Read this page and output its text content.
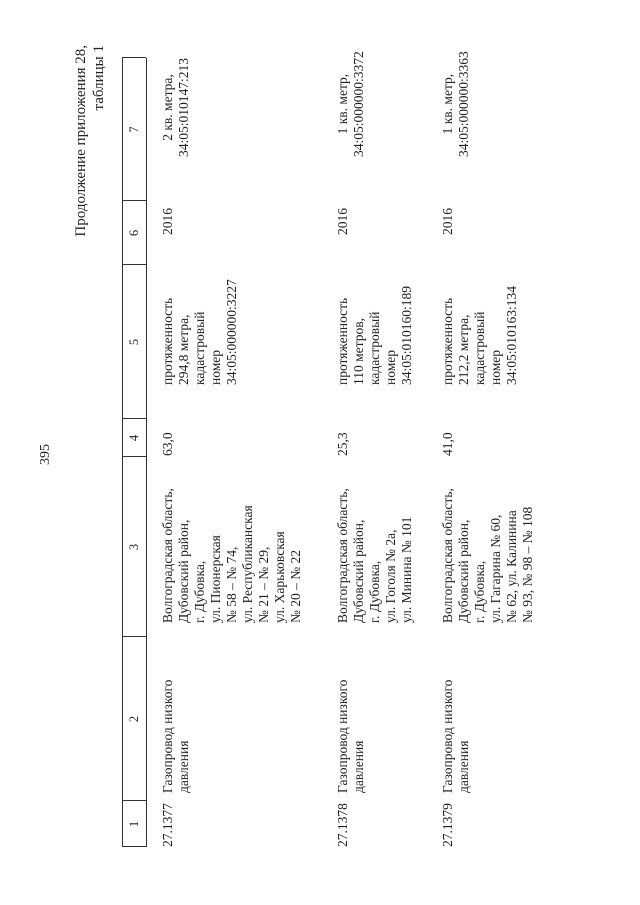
395
Продолжение приложения 28, таблицы 1
1
2
3
4
5
6
7
27.1377
Газопровод низкого давления
Волгоградская область, Дубовский район, г. Дубовка, ул. Пионерская № 58 – № 74, ул. Республиканская № 21 – № 29, ул. Харьковская № 20 – № 22
63,0
протяженность 294,8 метра, кадастровый номер 34:05:000000:3227
2016
2 кв. метра, 34:05:010147:213
27.1378
Газопровод низкого давления
Волгоградская область, Дубовский район, г. Дубовка, ул. Гоголя № 2а, ул. Минина № 101
25,3
протяженность 110 метров, кадастровый номер 34:05:010160:189
2016
1 кв. метр, 34:05:000000:3372
27.1379
Газопровод низкого давления
Волгоградская область, Дубовский район, г. Дубовка, ул. Гагарина № 60, № 62, ул. Калинина № 93, № 98 – № 108
41,0
протяженность 212,2 метра, кадастровый номер 34:05:010163:134
2016
1 кв. метр, 34:05:000000:3363
